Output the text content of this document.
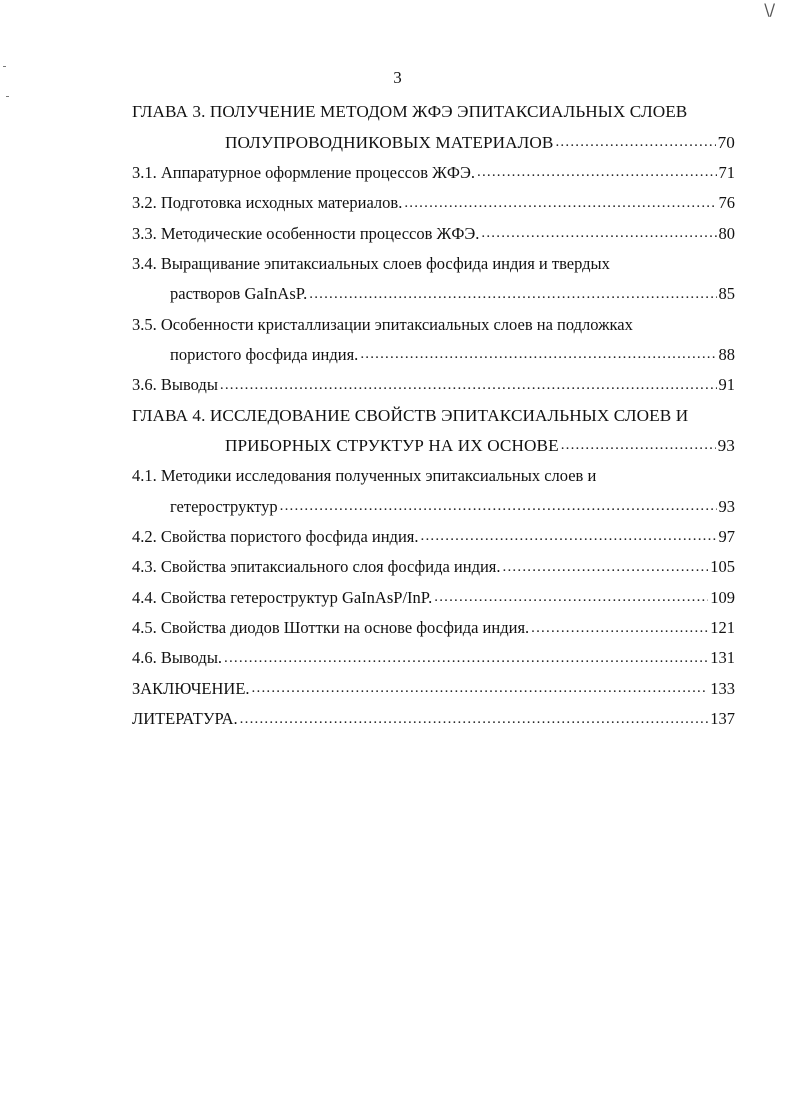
\/
3
ГЛАВА 3. ПОЛУЧЕНИЕ МЕТОДОМ ЖФЭ ЭПИТАКСИАЛЬНЫХ СЛОЕВ
ПОЛУПРОВОДНИКОВЫХ МАТЕРИАЛОВ .....	70
3.1. Аппаратурное оформление процессов ЖФЭ. .....	71
3.2. Подготовка исходных материалов. .....	76
3.3. Методические особенности процессов ЖФЭ. .....	80
3.4. Выращивание эпитаксиальных слоев фосфида индия и твердых
растворов GaInAsP. .....	85
3.5. Особенности кристаллизации эпитаксиальных слоев на подложках
пористого фосфида индия. .....	88
3.6. Выводы .....	91
ГЛАВА 4. ИССЛЕДОВАНИЕ СВОЙСТВ ЭПИТАКСИАЛЬНЫХ СЛОЕВ И
ПРИБОРНЫХ СТРУКТУР НА ИХ ОСНОВЕ .....	93
4.1. Методики исследования полученных эпитаксиальных слоев и
гетероструктур .....	93
4.2. Свойства пористого фосфида индия. .....	97
4.3. Свойства эпитаксиального слоя фосфида индия. .....	105
4.4. Свойства гетероструктур GaInAsP/InP. .....	109
4.5. Свойства диодов Шоттки на основе фосфида индия. .....	121
4.6. Выводы. .....	131
ЗАКЛЮЧЕНИЕ. .....	133
ЛИТЕРАТУРА. .....	137
